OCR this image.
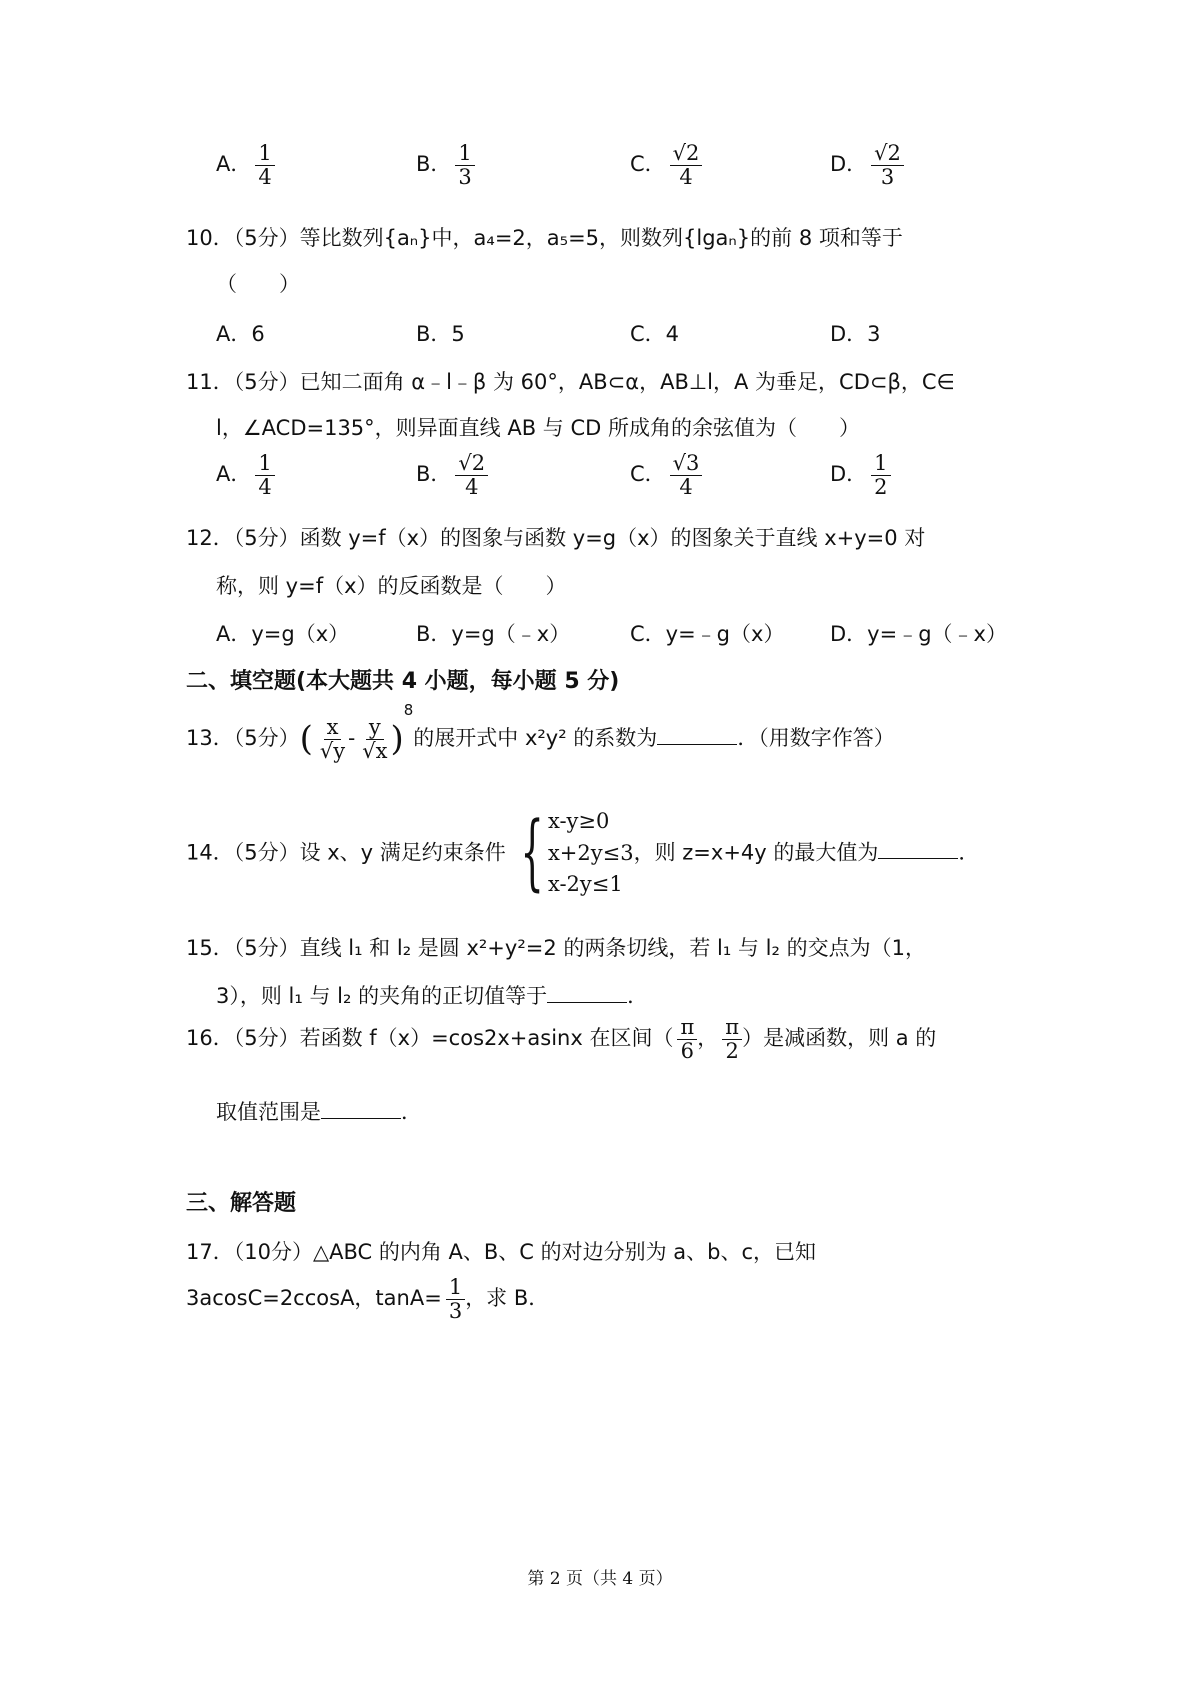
A． $\frac{1}{4}$	B． $\frac{1}{3}$	C． $\frac{√2}{4}$	D． $\frac{√2}{3}$
10．（5分）等比数列{aₙ}中，a₄=2，a₅=5，则数列{lgaₙ}的前 8 项和等于
（　　）
A．6	B．5	C．4	D．3
11．（5分）已知二面角 α﹣l﹣β 为 60°，AB⊂α，AB⊥l，A 为垂足，CD⊂β，C∈
l，∠ACD=135°，则异面直线 AB 与 CD 所成角的余弦值为（　　）
A． $\frac{1}{4}$	B． $\frac{√2}{4}$	C． $\frac{√3}{4}$	D． $\frac{1}{2}$
12．（5分）函数 y=f（x）的图象与函数 y=g（x）的图象关于直线 x+y=0 对
称，则 y=f（x）的反函数是（　　）
A．y=g（x）	B．y=g（﹣x）	C．y=﹣g（x） D．y=﹣g（﹣x）
二、填空题(本大题共 4 小题，每小题 5 分)
13．（5分）( $\frac{x}{√y} - \frac{y}{√x} )^8$的展开式中 x²y² 的系数为	．（用数字作答）
14．（5分）设 x、y 满足约束条件 { x-y≥0
x+2y≤3
x-2y≤1
，则 z=x+4y 的最大值为	．
15．（5分）直线 l₁ 和 l₂ 是圆 x²+y²=2 的两条切线，若 l₁ 与 l₂ 的交点为（1，
3），则 l₁ 与 l₂ 的夹角的正切值等于	．
16．（5分）若函数 f（x）=cos2x+asinx 在区间（ $\frac{\pi}{6}$ ， $\frac{\pi}{2}$ ）是减函数，则 a 的
取值范围是	．
三、解答题
17．（10分）△ABC 的内角 A、B、C 的对边分别为 a、b、c，已知
3acosC=2ccosA，$\tan A= \frac{1}{3}$ ，求 B．
第 2 页（共 4 页）
